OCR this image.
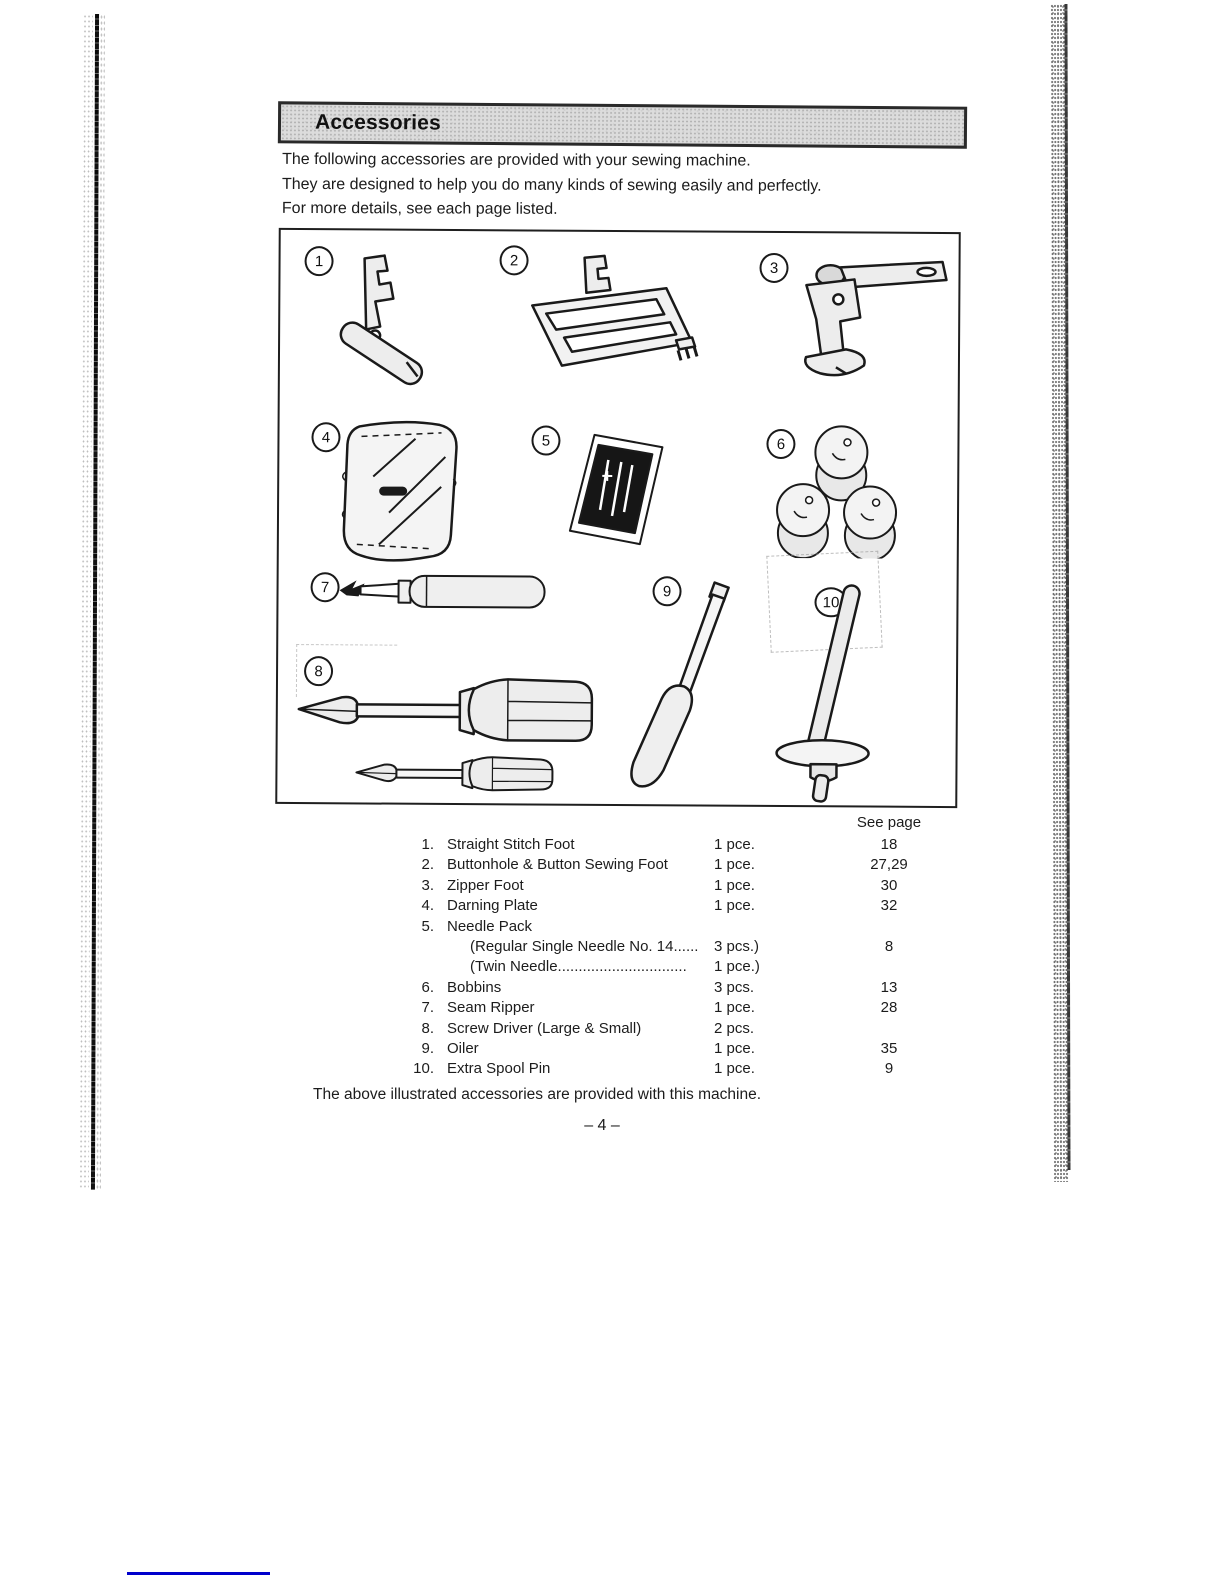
Accessories
The following accessories are provided with your sewing machine.
They are designed to help you do many kinds of sewing easily and perfectly.
For more details, see each page listed.
1	2	3
4	5	6
7	9
10
8
See page
1. Straight Stitch Foot	1 pce.	18
2. Buttonhole & Button Sewing Foot	1 pce.	27,29
3. Zipper Foot	1 pce.	30
4. Darning Plate	1 pce.	32
5. Needle Pack
(Regular Single Needle No. 14......	3 pcs.)	8
(Twin Needle...............................	1 pce.)
6. Bobbins	3 pcs.	13
7. Seam Ripper	1 pce.	28
8. Screw Driver (Large & Small)	2 pcs.
9. Oiler	1 pce.	35
10. Extra Spool Pin	1 pce.	9
The above illustrated accessories are provided with this machine.
– 4 –
